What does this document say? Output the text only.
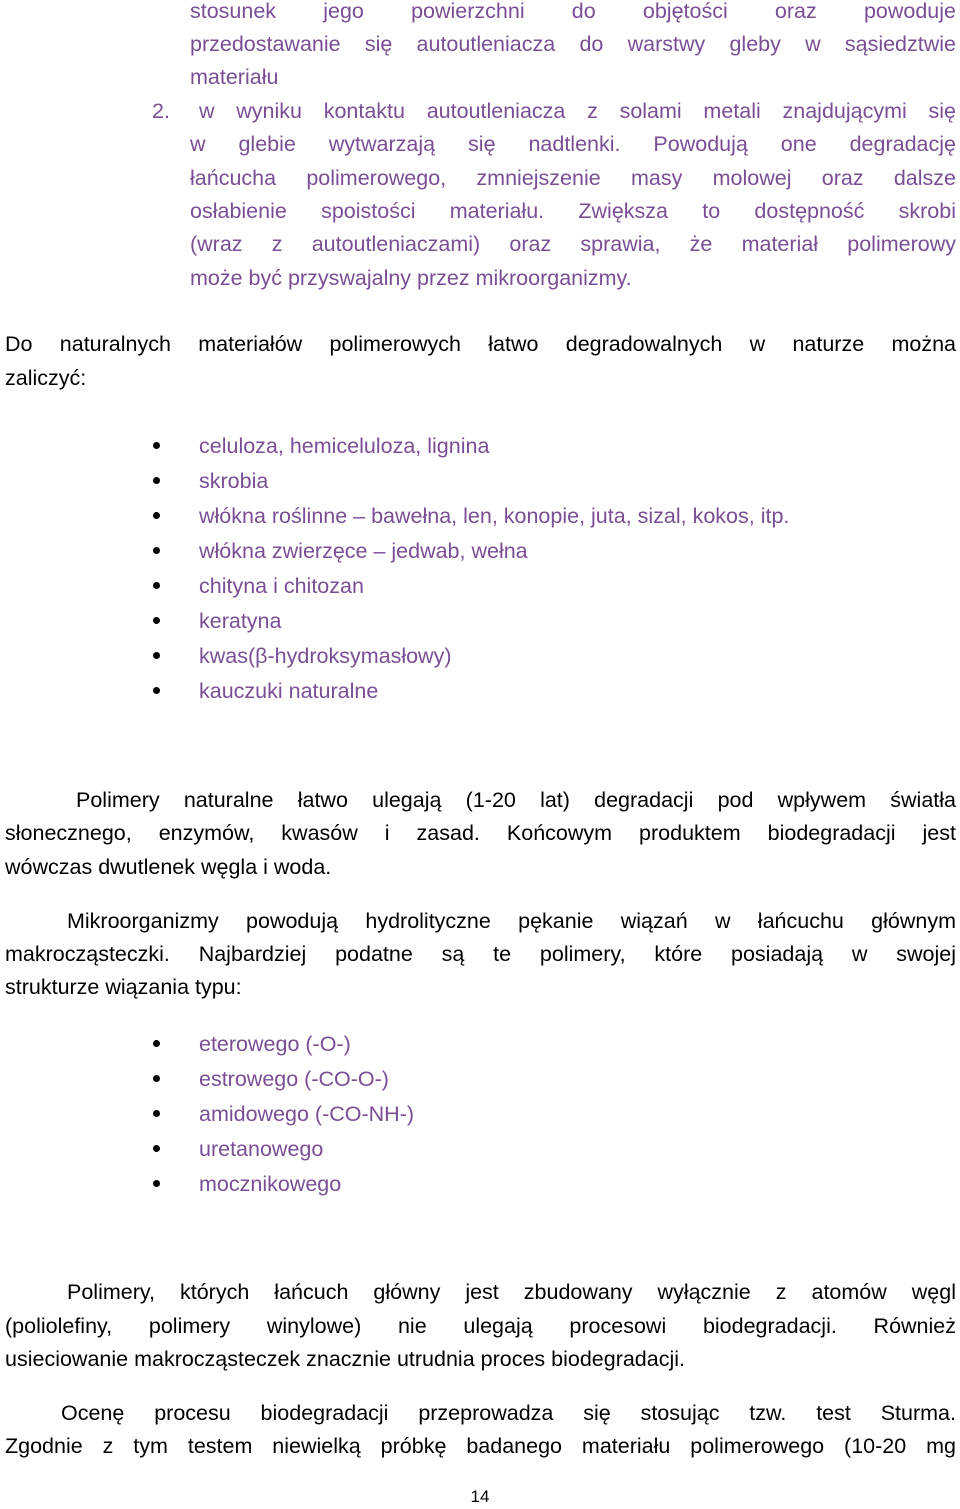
stosunek jego powierzchni do objętości oraz powoduje
przedostawanie się autoutleniacza do warstwy gleby w sąsiedztwie
materiału
2. w wyniku kontaktu autoutleniacza z solami metali znajdującymi się
w glebie wytwarzają się nadtlenki. Powodują one degradację
łańcucha polimerowego, zmniejszenie masy molowej oraz dalsze
osłabienie spoistości materiału. Zwiększa to dostępność skrobi
(wraz z autoutleniaczami) oraz sprawia, że materiał polimerowy
może być przyswajalny przez mikroorganizmy.
Do naturalnych materiałów polimerowych łatwo degradowalnych w naturze można
zaliczyć:
celuloza, hemiceluloza, lignina
skrobia
włókna roślinne – bawełna, len, konopie, juta, sizal, kokos, itp.
włókna zwierzęce – jedwab, wełna
chityna i chitozan
keratyna
kwas(β-hydroksymasłowy)
kauczuki naturalne
Polimery naturalne łatwo ulegają (1-20 lat) degradacji pod wpływem światła
słonecznego, enzymów, kwasów i zasad. Końcowym produktem biodegradacji jest
wówczas dwutlenek węgla i woda.
Mikroorganizmy powodują hydrolityczne pękanie wiązań w łańcuchu głównym
makrocząsteczki. Najbardziej podatne są te polimery, które posiadają w swojej
strukturze wiązania typu:
eterowego (-O-)
estrowego (-CO-O-)
amidowego (-CO-NH-)
uretanowego
mocznikowego
Polimery, których łańcuch główny jest zbudowany wyłącznie z atomów węgl
(poliolefiny, polimery winylowe) nie ulegają procesowi biodegradacji. Również
usieciowanie makrocząsteczek znacznie utrudnia proces biodegradacji.
Ocenę procesu biodegradacji przeprowadza się stosując tzw. test Sturma.
Zgodnie z tym testem niewielką próbkę badanego materiału polimerowego (10-20 mg
14
